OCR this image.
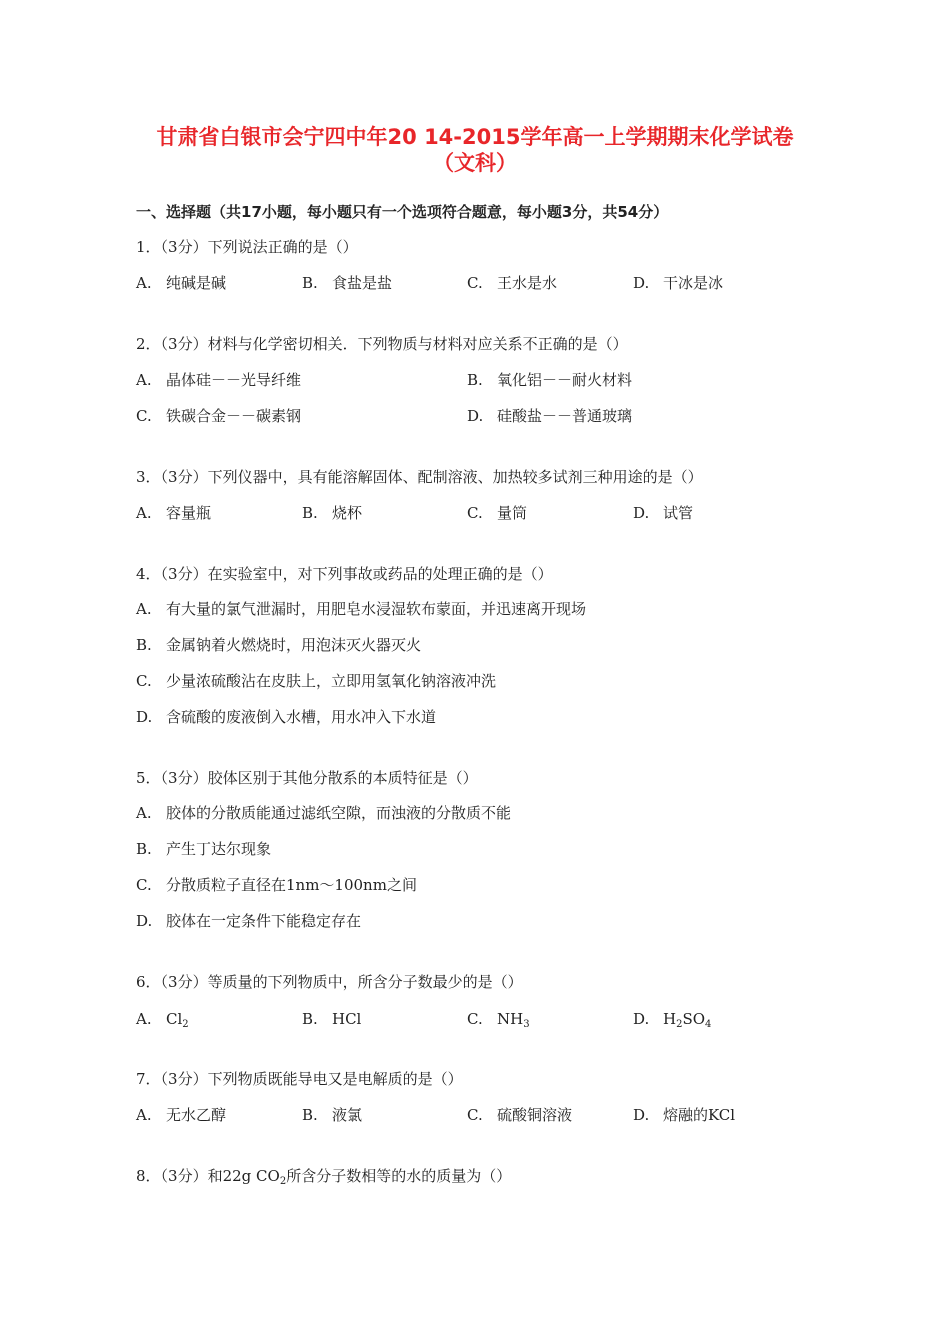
甘肃省白银市会宁四中年20 14-2015学年高一上学期期末化学试卷
（文科）
一、选择题（共17小题，每小题只有一个选项符合题意，每小题3分，共54分）
1．（3分）下列说法正确的是（）
A. 纯碱是碱	B. 食盐是盐	C. 王水是水	D. 干冰是冰
2．（3分）材料与化学密切相关．下列物质与材料对应关系不正确的是（）
A. 晶体硅－－光导纤维	B. 氧化铝－－耐火材料
C. 铁碳合金－－碳素钢	D. 硅酸盐－－普通玻璃
3．（3分）下列仪器中，具有能溶解固体、配制溶液、加热较多试剂三种用途的是（）
A. 容量瓶	B. 烧杯	C. 量筒	D. 试管
4．（3分）在实验室中，对下列事故或药品的处理正确的是（）
A. 有大量的氯气泄漏时，用肥皂水浸湿软布蒙面，并迅速离开现场
B. 金属钠着火燃烧时，用泡沫灭火器灭火
C. 少量浓硫酸沾在皮肤上，立即用氢氧化钠溶液冲洗
D. 含硫酸的废液倒入水槽，用水冲入下水道
5．（3分）胶体区别于其他分散系的本质特征是（）
A. 胶体的分散质能通过滤纸空隙，而浊液的分散质不能
B. 产生丁达尔现象
C. 分散质粒子直径在1nm～100nm之间
D. 胶体在一定条件下能稳定存在
6．（3分）等质量的下列物质中，所含分子数最少的是（）
A. $Cl_2$	B. HCl	C. $NH_3$	D. $H_2SO_4$
7．（3分）下列物质既能导电又是电解质的是（）
A. 无水乙醇	B. 液氯	C. 硫酸铜溶液	D. 熔融的KCl
8．（3分）和22g $CO_2$所含分子数相等的水的质量为（）
